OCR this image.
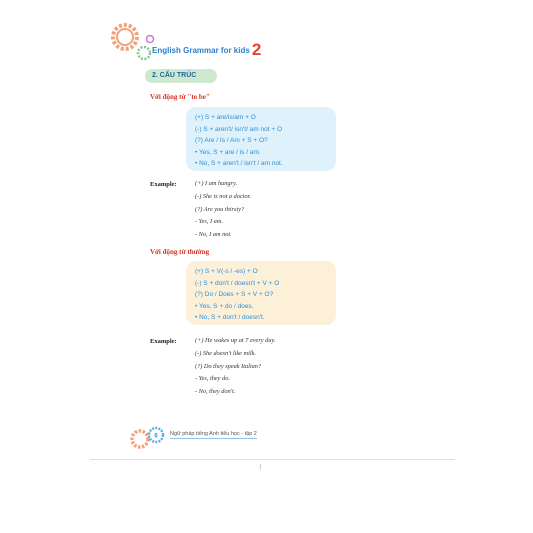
English Grammar for kids 2
2. CẤU TRÚC
Với động từ "to be"
(+) S + are/is/am + O
(-) S + aren't/ isn't/ am not + O
(?) Are / Is / Am + S + O?
• Yes, S + are / is / am.
• No, S + aren't / isn't / am not.
Example:	(+) I am hungry.
(-) She is not a doctor.
(?) Are you thirsty?
- Yes, I am.
- No, I am not.
Với động từ thường
(+) S + V(-s / -es) + O
(-) S + don't / doesn't + V + O
(?) Do / Does + S + V + O?
• Yes, S + do / does.
• No, S + don't / doesn't.
Example:	(+) He wakes up at 7 every day.
(-) She doesn't like milk.
(?) Do they speak Italian?
- Yes, they do.
- No, they don't.
6 Ngữ pháp tiếng Anh tiểu học - tập 2
